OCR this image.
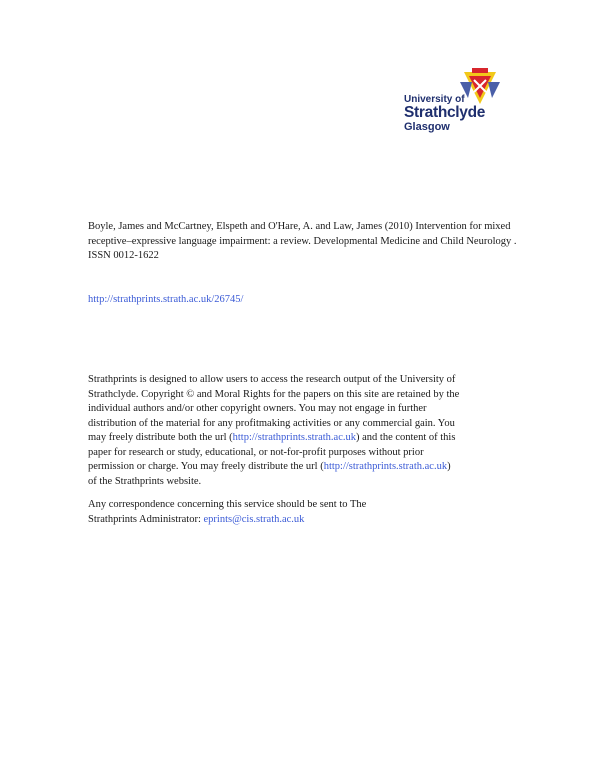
University of
Strathclyde
Glasgow

Boyle, James and McCartney, Elspeth and O'Hare, A. and Law, James (2010) Intervention for mixed

receptive–expressive language impairment: a review. Developmental Medicine and Child Neurology .

ISSN 0012-1622

http://strathprints.strath.ac.uk/26745/

Strathprints is designed to allow users to access the research output of the University of

Strathclyde. Copyright © and Moral Rights for the papers on this site are retained by the

individual authors and/or other copyright owners. You may not engage in further

distribution of the material for any profitmaking activities or any commercial gain. You

may freely distribute both the url (http://strathprints.strath.ac.uk) and the content of this

paper for research or study, educational, or not-for-profit purposes without prior

permission or charge. You may freely distribute the url (http://strathprints.strath.ac.uk)

of the Strathprints website.

Any correspondence concerning this service should be sent to The

Strathprints Administrator: eprints@cis.strath.ac.uk
